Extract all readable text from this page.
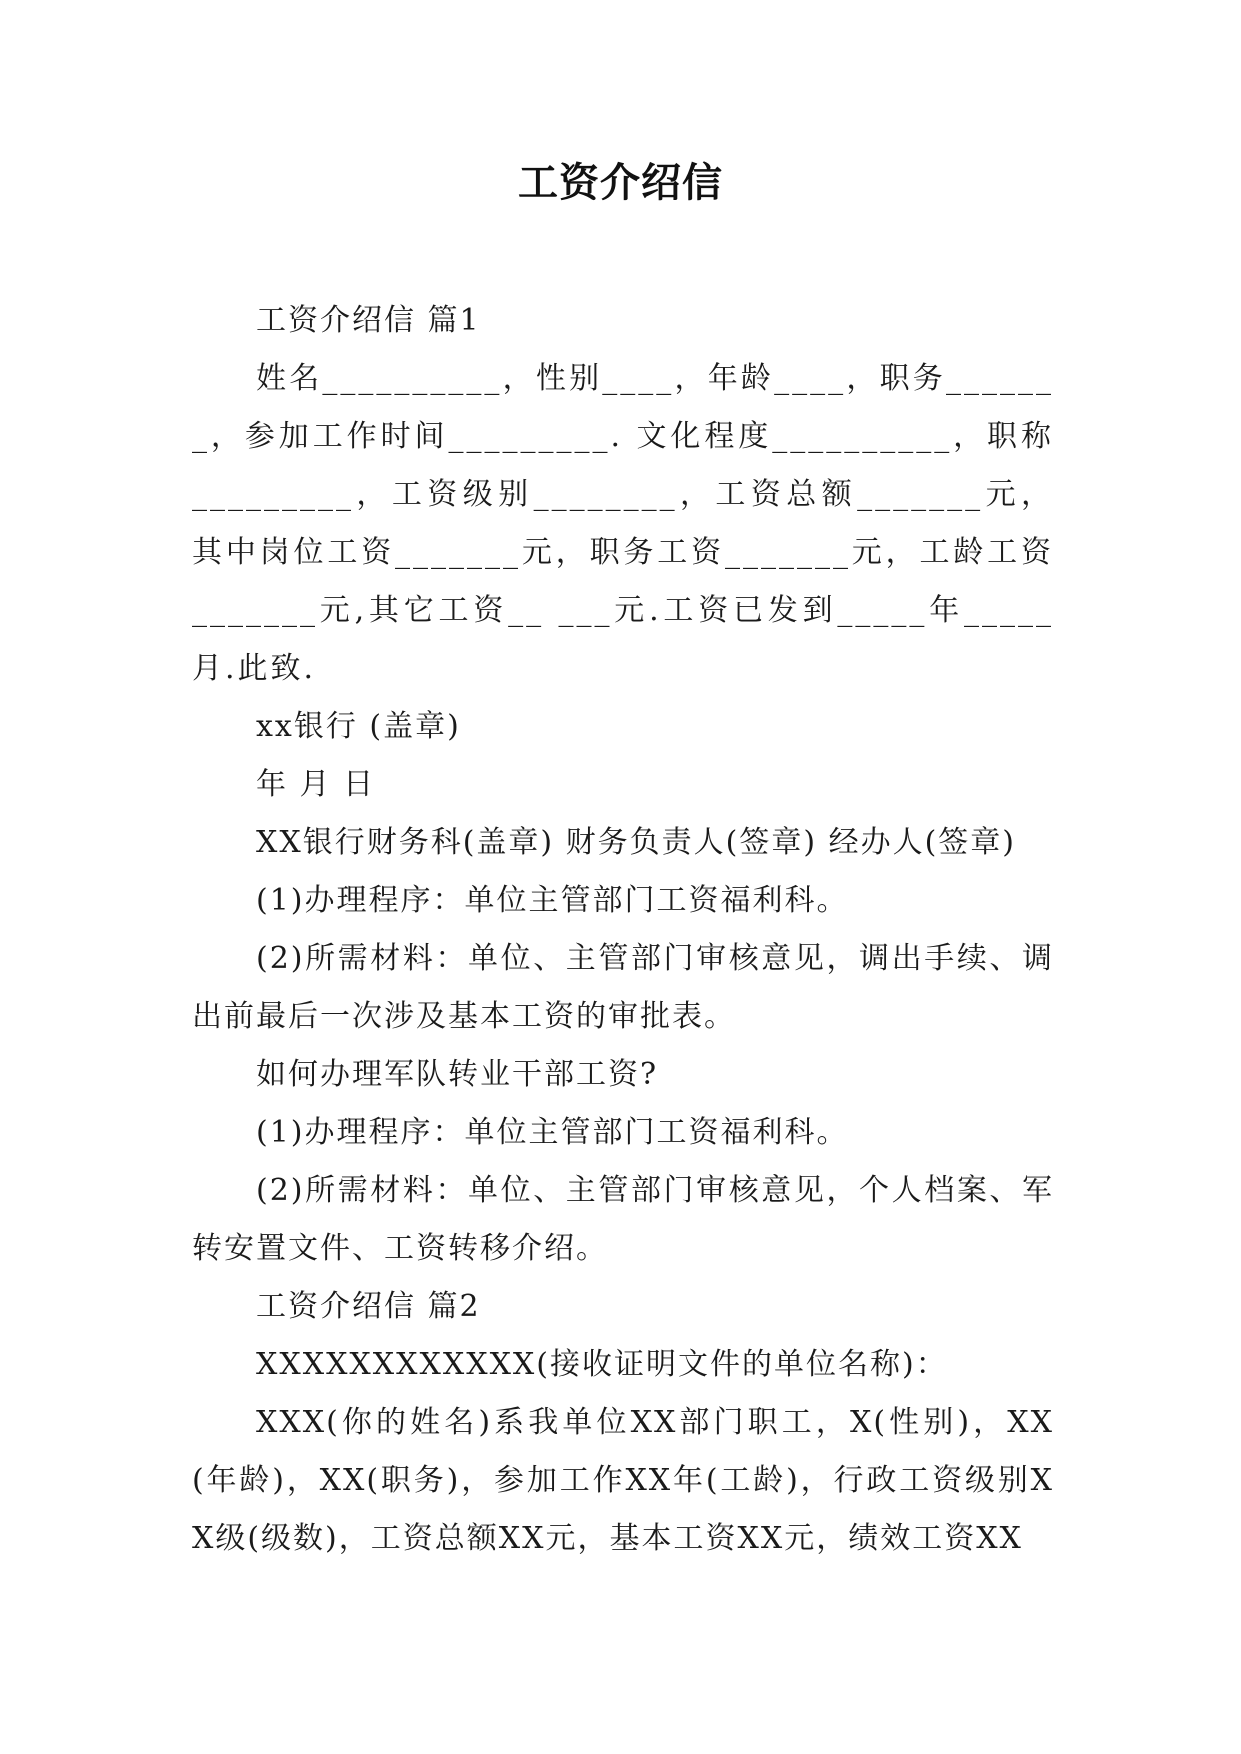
工资介绍信

工资介绍信 篇1

姓名__________，性别____，年龄____，职务_______，参加工作时间_________. 文化程度__________，职称_________，工资级别________，工资总额_______元， 其中岗位工资_______元，职务工资_______元，工龄工资_______元,其它工资__ ___元.工资已发到_____年_____月.此致.

xx银行 (盖章)

年 月 日

XX银行财务科(盖章) 财务负责人(签章) 经办人(签章)

(1)办理程序：单位主管部门工资福利科。

(2)所需材料：单位、主管部门审核意见，调出手续、调出前最后一次涉及基本工资的审批表。

如何办理军队转业干部工资?

(1)办理程序：单位主管部门工资福利科。

(2)所需材料：单位、主管部门审核意见，个人档案、军转安置文件、工资转移介绍。

工资介绍信 篇2

XXXXXXXXXXXX(接收证明文件的单位名称)：

XXX(你的姓名)系我单位XX部门职工，X(性别)，XX(年龄)，XX(职务)，参加工作XX年(工龄)，行政工资级别XX级(级数)，工资总额XX元，基本工资XX元，绩效工资XX
